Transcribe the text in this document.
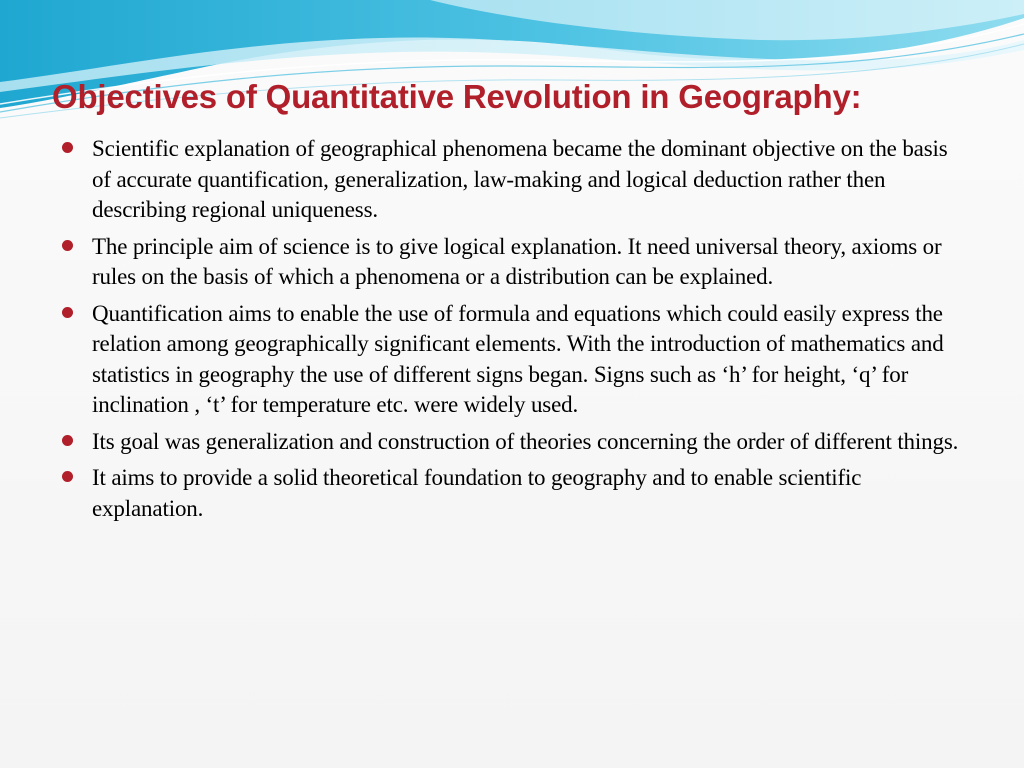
Objectives of Quantitative Revolution in Geography:
Scientific explanation of geographical phenomena became the dominant objective on the basis of accurate quantification, generalization, law-making and logical deduction rather then describing regional uniqueness.
The principle aim of science is to give logical explanation. It need universal theory, axioms or rules on the basis of which a phenomena or a distribution can be explained.
Quantification aims to enable the use of formula and equations which could easily express the relation among geographically significant elements. With the introduction of mathematics and statistics in geography the use of different signs began. Signs such as ‘h’ for height, ‘q’ for inclination , ‘t’ for temperature etc. were widely used.
Its goal was generalization and construction of theories concerning the order of different things.
It aims to provide a solid theoretical foundation to geography and to enable scientific explanation.
